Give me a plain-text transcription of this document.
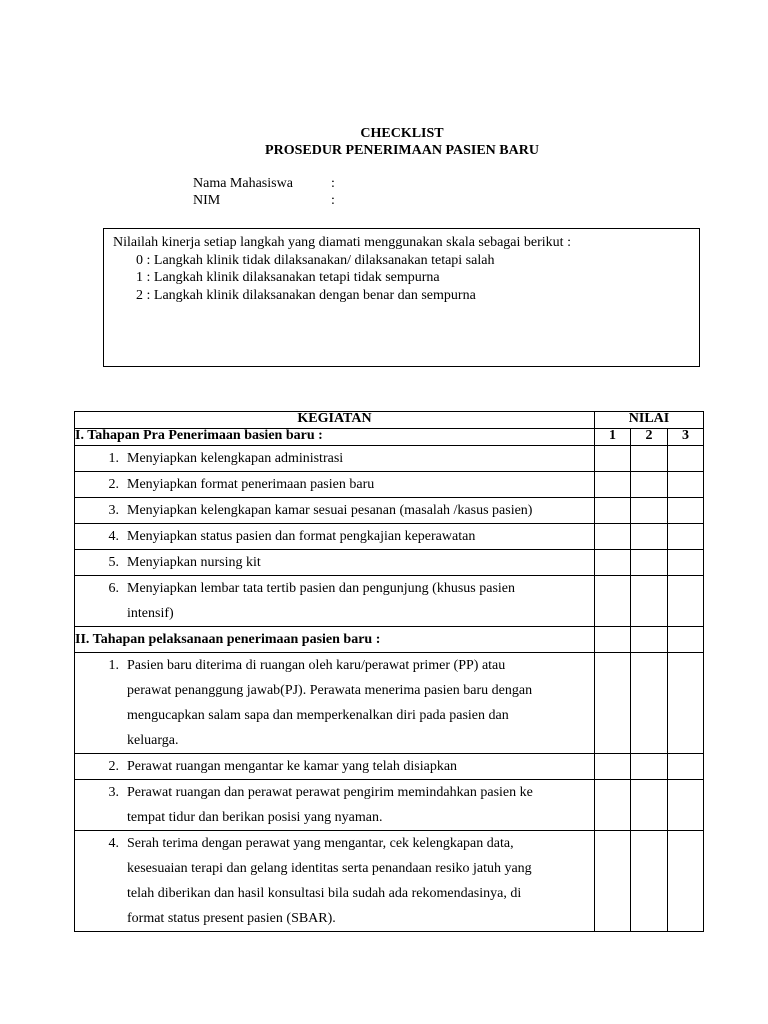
CHECKLIST
PROSEDUR PENERIMAAN PASIEN BARU
Nama Mahasiswa	:
NIM	:
Nilailah kinerja setiap langkah yang diamati menggunakan skala sebagai berikut :
0 : Langkah klinik tidak dilaksanakan/ dilaksanakan tetapi salah
1 : Langkah klinik dilaksanakan tetapi tidak sempurna
2 : Langkah klinik dilaksanakan dengan benar dan sempurna
KEGIATAN	NILAI		
I. Tahapan Pra Penerimaan basien baru :	1	2	3

1. Menyiapkan kelengkapan administrasi			

2. Menyiapkan format penerimaan pasien baru			

3. Menyiapkan kelengkapan kamar sesuai pesanan (masalah /kasus pasien)			

4. Menyiapkan status pasien dan format pengkajian keperawatan			

5. Menyiapkan nursing kit			

6. Menyiapkan lembar tata tertib pasien dan pengunjung (khusus pasien
intensif)			

II. Tahapan pelaksanaan penerimaan pasien baru :			

1. Pasien baru diterima di ruangan oleh karu/perawat primer (PP) atau
perawat penanggung jawab(PJ). Perawata menerima pasien baru dengan
mengucapkan salam sapa dan memperkenalkan diri pada pasien dan
keluarga.			

2. Perawat ruangan mengantar ke kamar yang telah disiapkan			

3. Perawat ruangan dan perawat perawat pengirim memindahkan pasien ke
tempat tidur dan berikan posisi yang nyaman.			

4. Serah terima dengan perawat yang mengantar, cek kelengkapan data,
kesesuaian terapi dan gelang identitas serta penandaan resiko jatuh yang
telah diberikan dan hasil konsultasi bila sudah ada rekomendasinya, di
format status present pasien (SBAR).			
